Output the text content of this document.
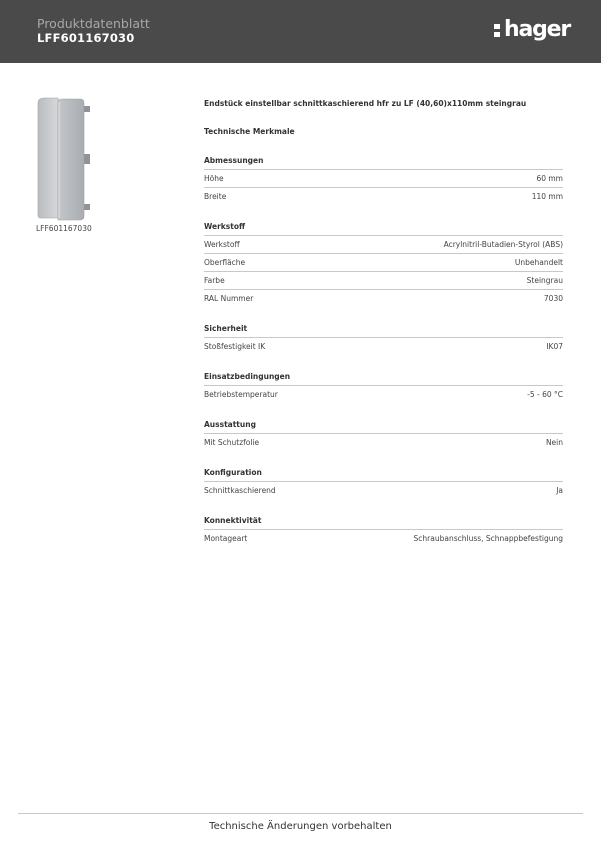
Produktdatenblatt
LFF601167030	hager
LFF601167030
Endstück einstellbar schnittkaschierend hfr zu LF (40,60)x110mm steingrau
Technische Merkmale
Abmessungen
Höhe	60 mm
Breite	110 mm
Werkstoff
Werkstoff	Acrylnitril-Butadien-Styrol (ABS)
Oberfläche	Unbehandelt
Farbe	Steingrau
RAL Nummer	7030
Sicherheit
Stoßfestigkeit IK	IK07
Einsatzbedingungen
Betriebstemperatur	-5 - 60 °C
Ausstattung
Mit Schutzfolie	Nein
Konfiguration
Schnittkaschierend	Ja
Konnektivität
Montageart	Schraubanschluss, Schnappbefestigung
Technische Änderungen vorbehalten
